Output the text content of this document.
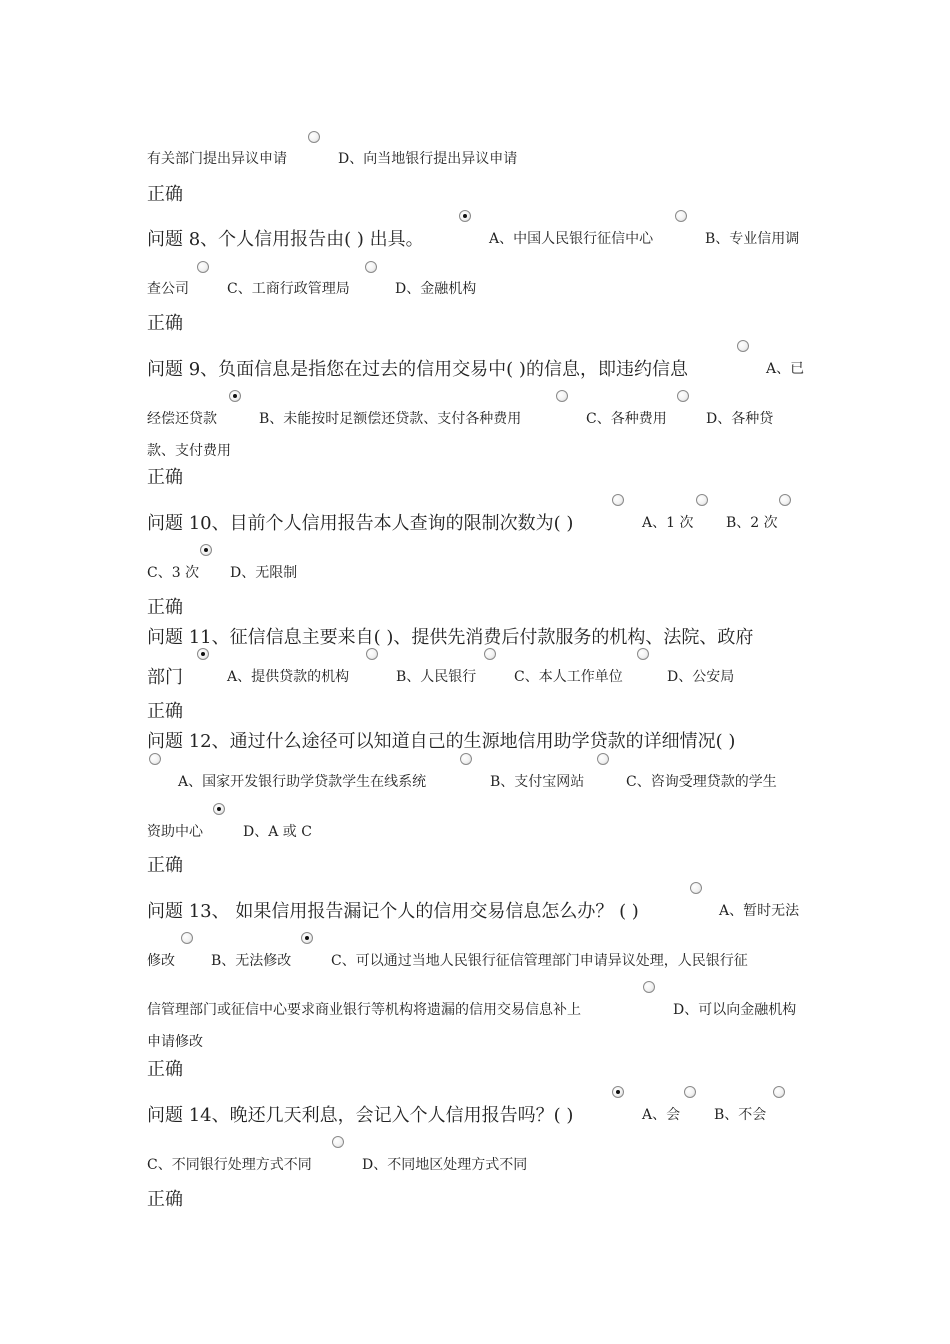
有关部门提出异议申请	D、向当地银行提出异议申请
正确
问题 8、个人信用报告由( ) 出具。	A、中国人民银行征信中心	B、专业信用调
查公司	C、工商行政管理局	D、金融机构
正确
问题 9、负面信息是指您在过去的信用交易中( )的信息，即违约信息	A、已
经偿还贷款	B、未能按时足额偿还贷款、支付各种费用	C、各种费用	D、各种贷
款、支付费用
正确
问题 10、目前个人信用报告本人查询的限制次数为( )	A、1 次 B、2 次
C、3 次 D、无限制
正确
问题 11、征信信息主要来自( )、提供先消费后付款服务的机构、法院、政府
部门	A、提供贷款的机构	B、人民银行	C、本人工作单位	D、公安局
正确
问题 12、通过什么途径可以知道自己的生源地信用助学贷款的详细情况( )
A、国家开发银行助学贷款学生在线系统	B、支付宝网站	C、咨询受理贷款的学生
资助中心	D、A 或 C
正确
问题 13、 如果信用报告漏记个人的信用交易信息怎么办？ ( )	A、暂时无法
修改	B、无法修改	C、可以通过当地人民银行征信管理部门申请异议处理，人民银行征
信管理部门或征信中心要求商业银行等机构将遗漏的信用交易信息补上	D、可以向金融机构
申请修改
正确
问题 14、晚还几天利息，会记入个人信用报告吗？( )	A、会 B、不会
C、不同银行处理方式不同	D、不同地区处理方式不同
正确
